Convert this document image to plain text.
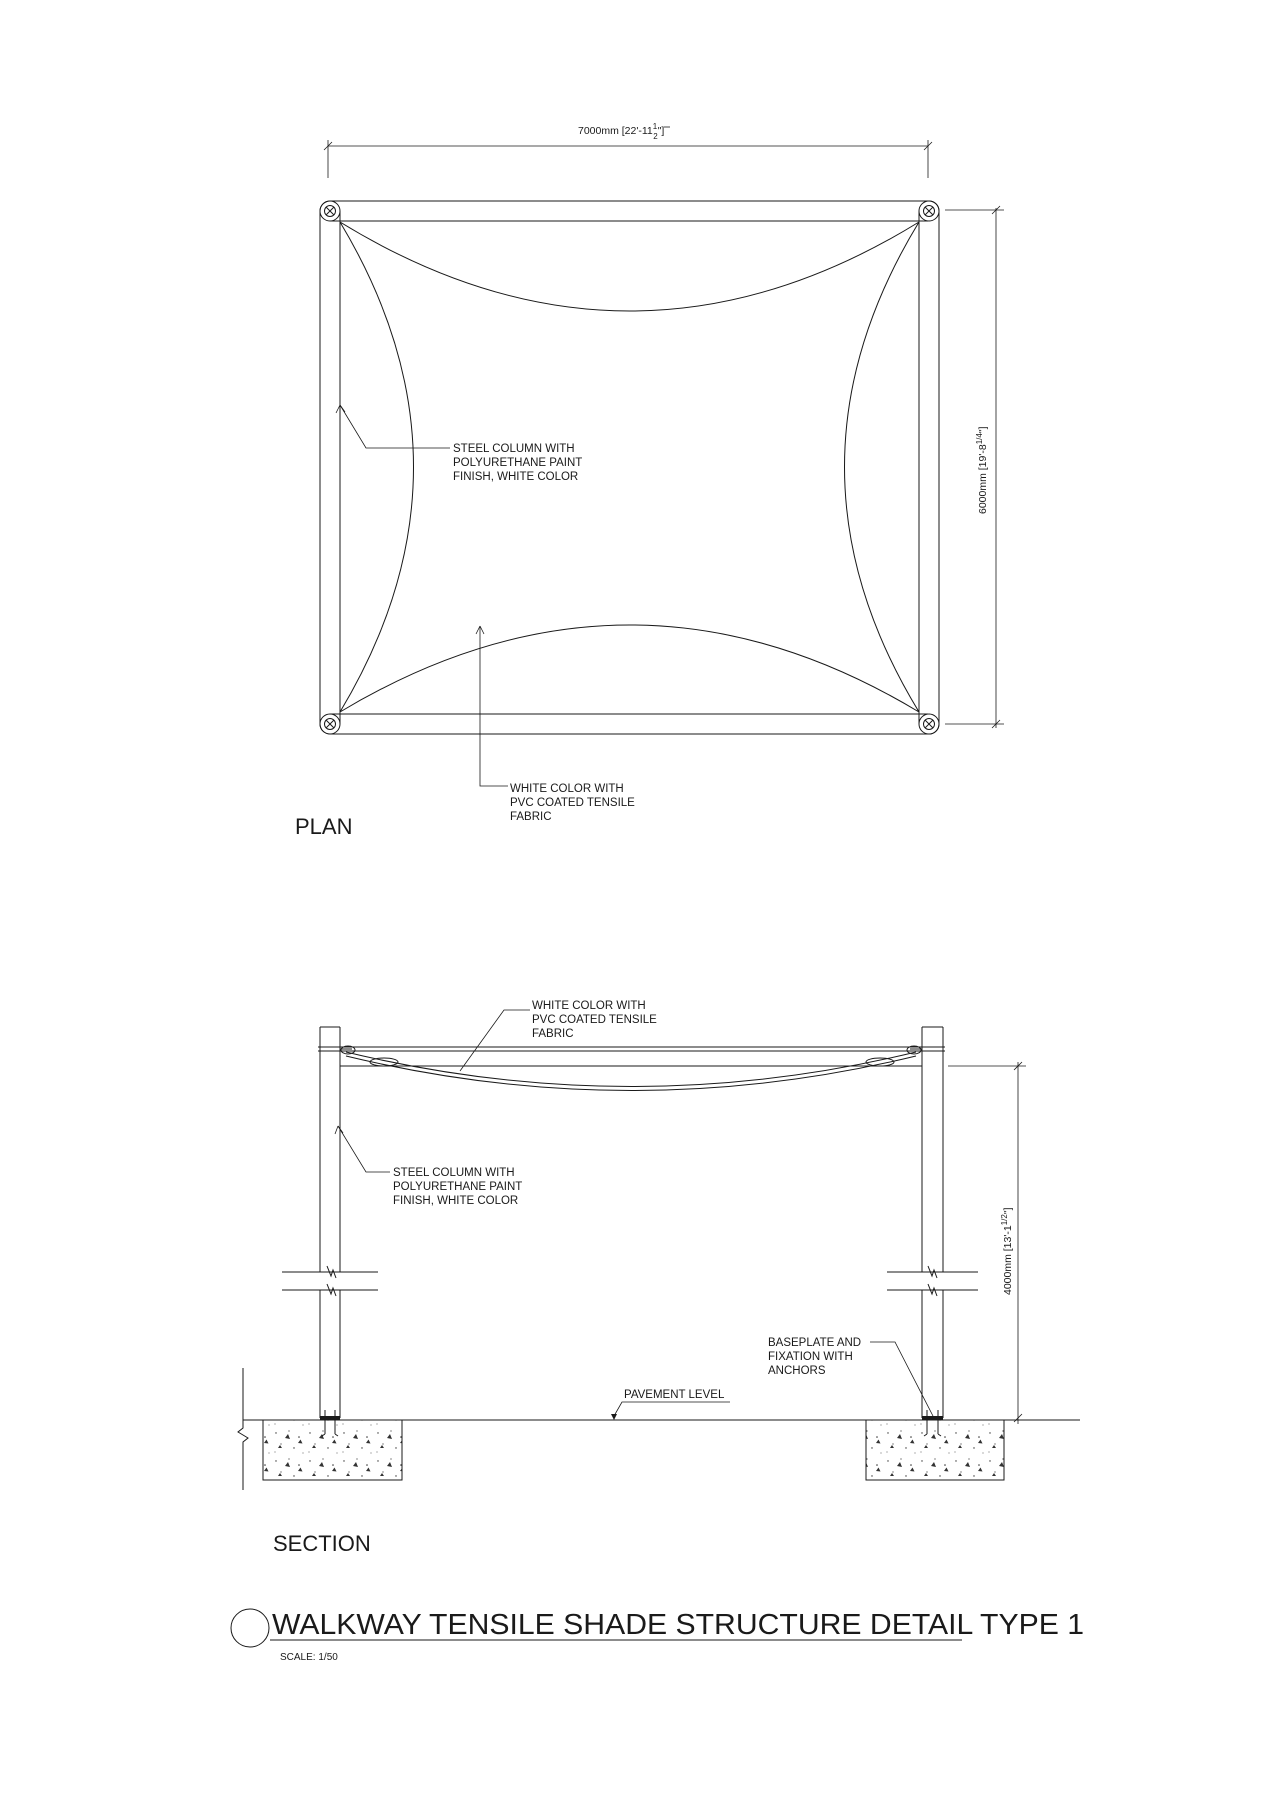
7000mm [$22'-11^1$ 2"]
6000mm $[19'-8^{1/4}"]$
STEEL COLUMN WITH
POLYURETHANE PAINT
FINISH, WHITE COLOR
WHITE COLOR WITH
PVC COATED TENSILE
FABRIC
PLAN
WHITE COLOR WITH
PVC COATED TENSILE
FABRIC
STEEL COLUMN WITH
POLYURETHANE PAINT
FINISH, WHITE COLOR
4000mm $[13'-1^{1/2}"]$
BASEPLATE AND
FIXATION WITH
ANCHORS
PAVEMENT LEVEL
SECTION
WALKWAY TENSILE SHADE STRUCTURE DETAIL TYPE 1
SCALE: 1/50
